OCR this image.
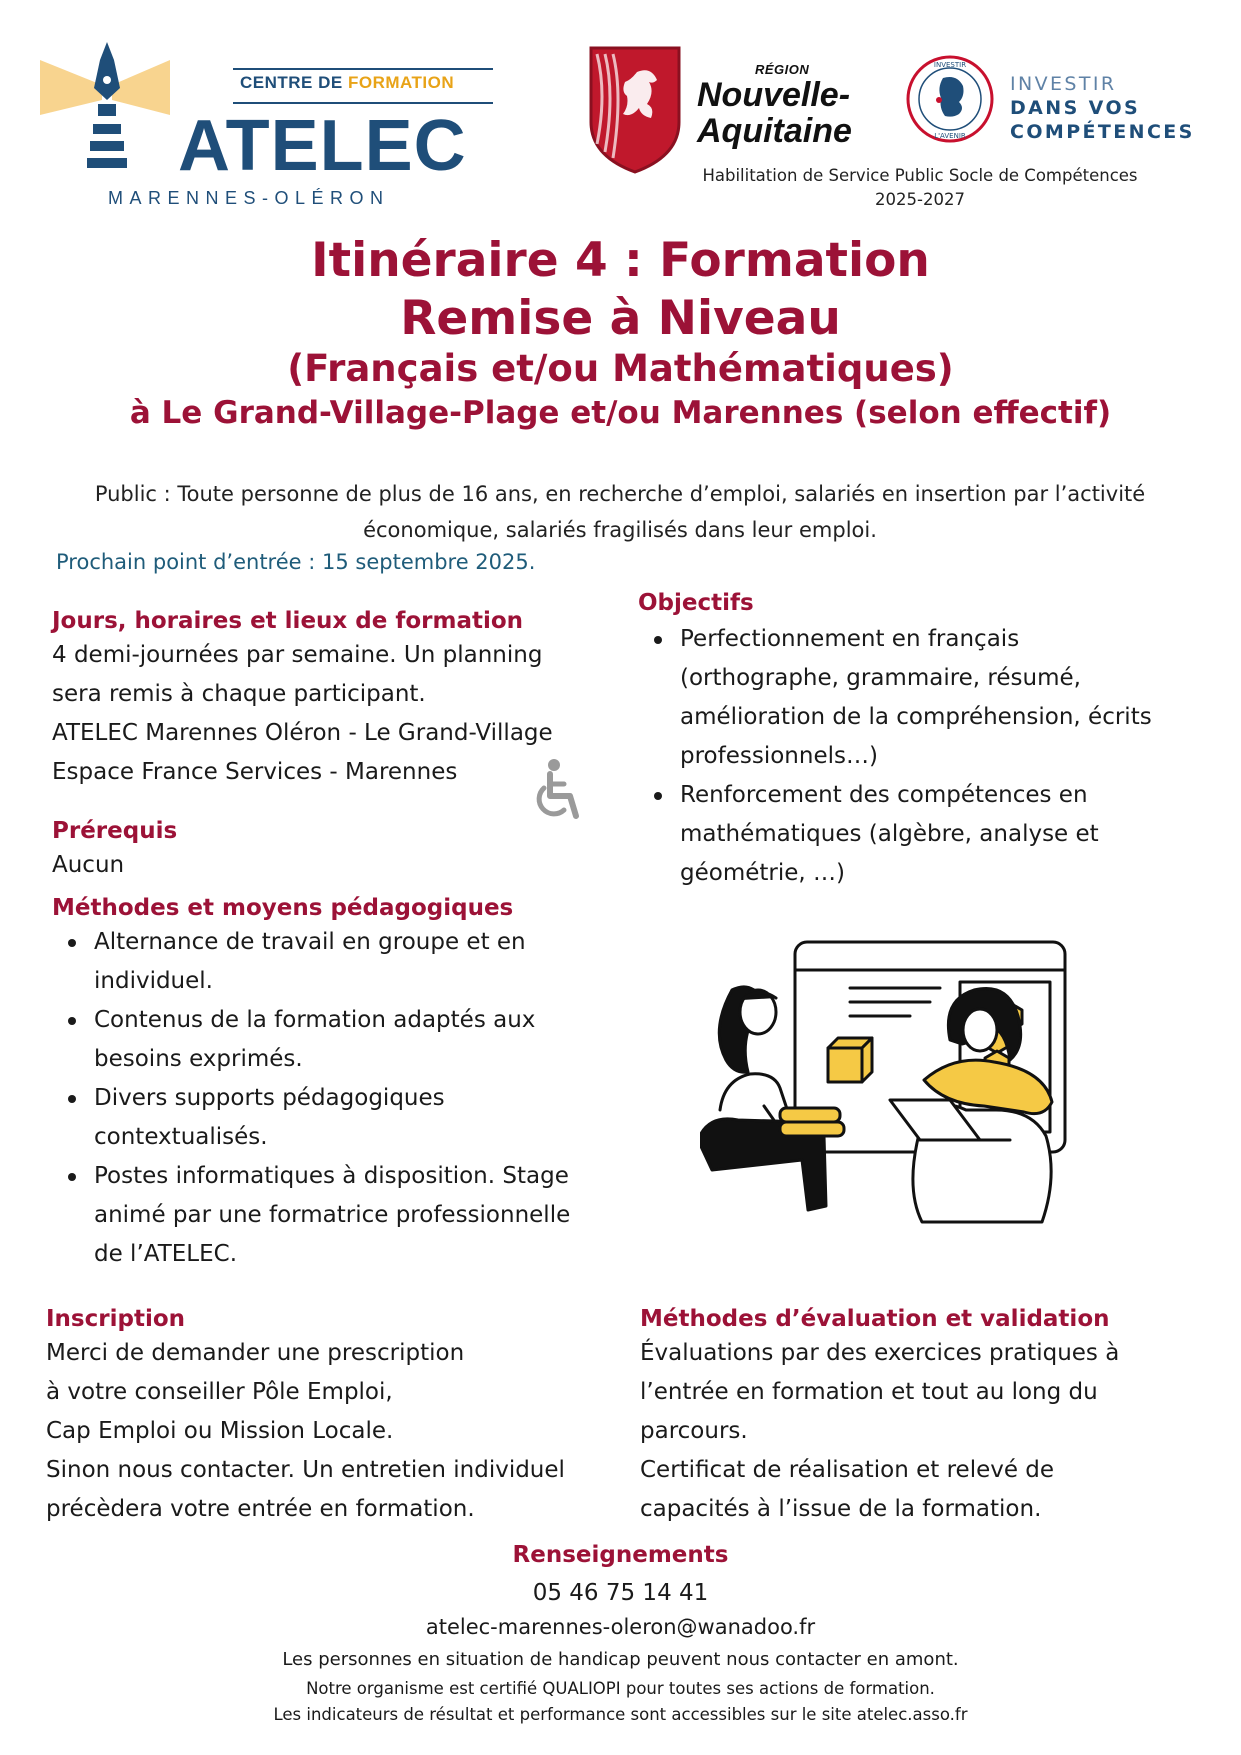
CENTRE DE FORMATION
ATELEC
MARENNES-OLÉRON
RÉGION
Nouvelle-
Aquitaine
INVESTIR
L'AVENIR
INVESTIR
DANS VOS
COMPÉTENCES
Habilitation de Service Public Socle de Compétences
2025-2027
Itinéraire 4 : Formation
Remise à Niveau
(Français et/ou Mathématiques)
à Le Grand-Village-Plage et/ou Marennes (selon effectif)
Public : Toute personne de plus de 16 ans, en recherche d’emploi, salariés en insertion par l’activité
économique, salariés fragilisés dans leur emploi.
Prochain point d’entrée : 15 septembre 2025.
Jours, horaires et lieux de formation
4 demi-journées par semaine. Un planning
sera remis à chaque participant.
ATELEC Marennes Oléron - Le Grand-Village
Espace France Services - Marennes
Prérequis
Aucun
Méthodes et moyens pédagogiques
Alternance de travail en groupe et en
individuel.
Contenus de la formation adaptés aux
besoins exprimés.
Divers supports pédagogiques
contextualisés.
Postes informatiques à disposition. Stage
animé par une formatrice professionnelle
de l’ATELEC.
Objectifs
Perfectionnement en français
(orthographe, grammaire, résumé,
amélioration de la compréhension, écrits
professionnels…)
Renforcement des compétences en
mathématiques (algèbre, analyse et
géométrie, …)
Inscription
Merci de demander une prescription
à votre conseiller Pôle Emploi,
Cap Emploi ou Mission Locale.
Sinon nous contacter. Un entretien individuel
précèdera votre entrée en formation.
Méthodes d’évaluation et validation
Évaluations par des exercices pratiques à
l’entrée en formation et tout au long du
parcours.
Certificat de réalisation et relevé de
capacités à l’issue de la formation.
Renseignements
05 46 75 14 41
atelec-marennes-oleron@wanadoo.fr
Les personnes en situation de handicap peuvent nous contacter en amont.
Notre organisme est certifié QUALIOPI pour toutes ses actions de formation.
Les indicateurs de résultat et performance sont accessibles sur le site atelec.asso.fr
